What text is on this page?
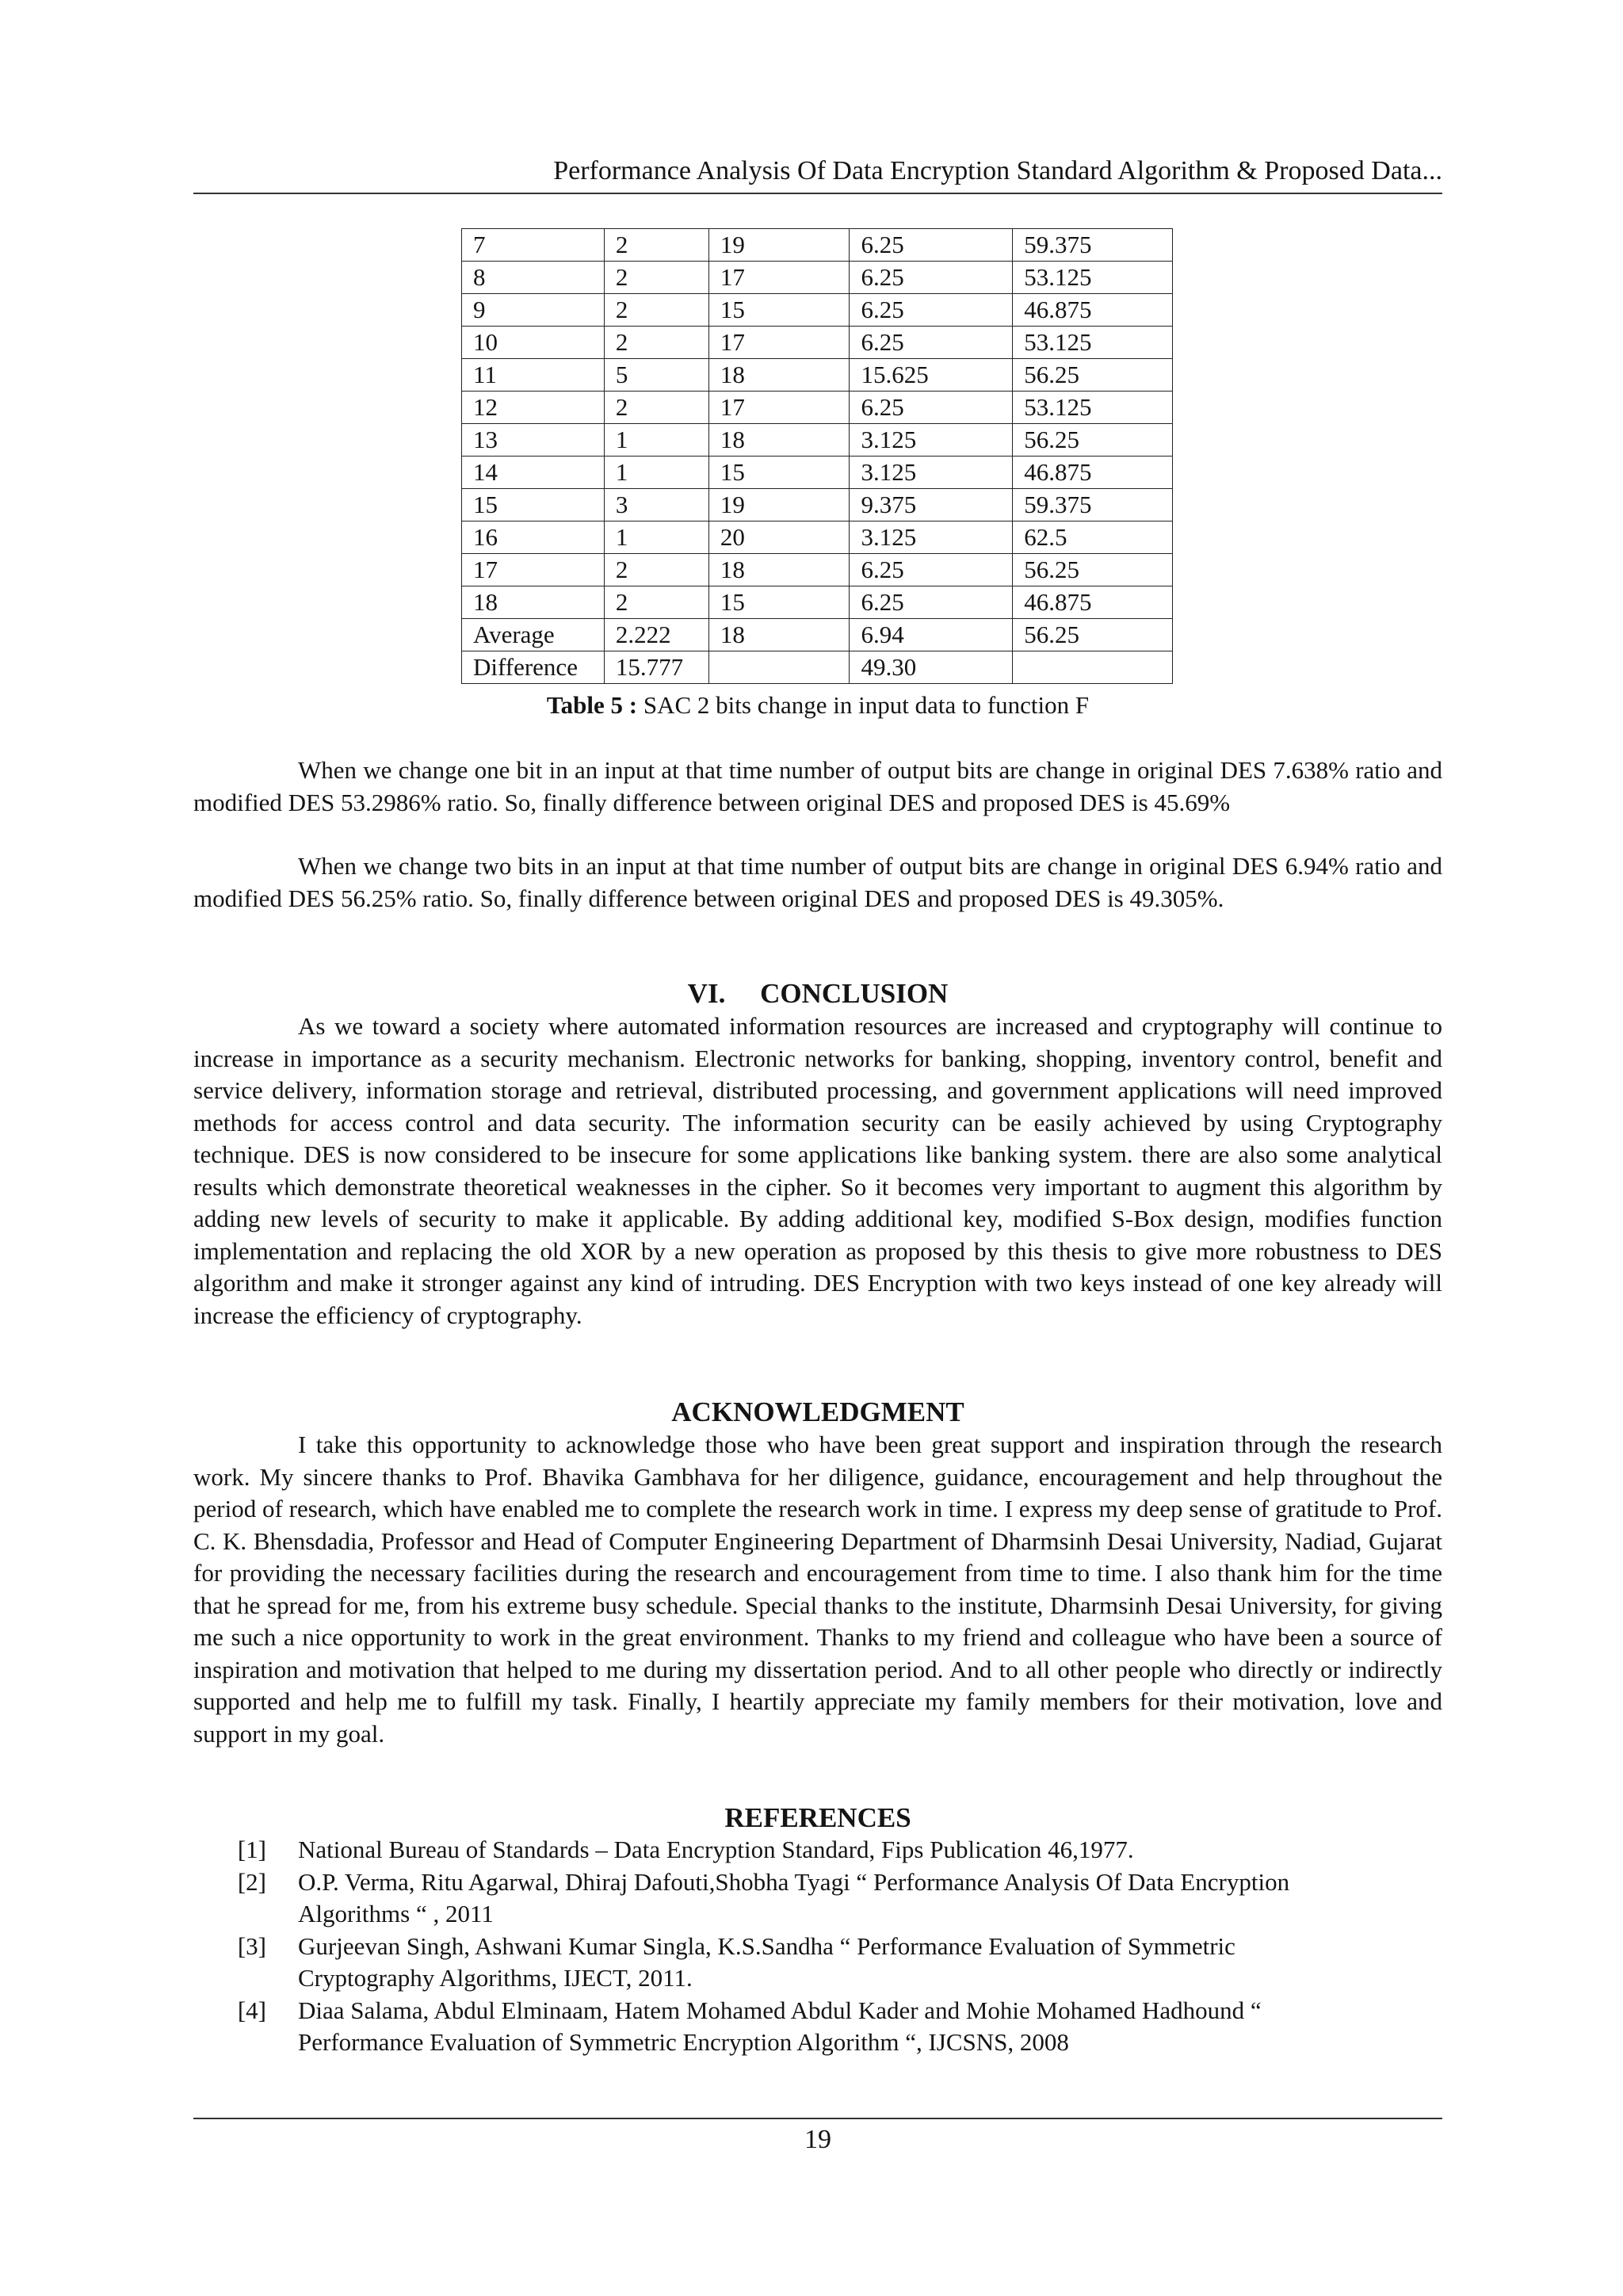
Performance Analysis Of Data Encryption Standard Algorithm & Proposed Data...
7	2	19	6.25	59.375
8	2	17	6.25	53.125
9	2	15	6.25	46.875
10	2	17	6.25	53.125
11	5	18	15.625	56.25
12	2	17	6.25	53.125
13	1	18	3.125	56.25
14	1	15	3.125	46.875
15	3	19	9.375	59.375
16	1	20	3.125	62.5
17	2	18	6.25	56.25
18	2	15	6.25	46.875
Average	2.222	18	6.94	56.25
Difference	15.777		49.30	
Table 5 : SAC 2 bits change in input data to function F

When we change one bit in an input at that time number of output bits are change in original DES 7.638% ratio and modified DES 53.2986% ratio. So, finally difference between original DES and proposed DES is 45.69%

When we change two bits in an input at that time number of output bits are change in original DES 6.94% ratio and modified DES 56.25% ratio. So, finally difference between original DES and proposed DES is 49.305%.

VI.     CONCLUSION

As we toward a society where automated information resources are increased and cryptography will continue to increase in importance as a security mechanism. Electronic networks for banking, shopping, inventory control, benefit and service delivery, information storage and retrieval, distributed processing, and government applications will need improved methods for access control and data security. The information security can be easily achieved by using Cryptography technique. DES is now considered to be insecure for some applications like banking system. there are also some analytical results which demonstrate theoretical weaknesses in the cipher. So it becomes very important to augment this algorithm by adding new levels of security to make it applicable. By adding additional key, modified S-Box design, modifies function implementation and replacing the old XOR by a new operation as proposed by this thesis to give more robustness to DES algorithm and make it stronger against any kind of intruding. DES Encryption with two keys instead of one key already will increase the efficiency of cryptography.

ACKNOWLEDGMENT

I take this opportunity to acknowledge those who have been great support and inspiration through the research work. My sincere thanks to Prof. Bhavika Gambhava for her diligence, guidance, encouragement and help throughout the period of research, which have enabled me to complete the research work in time. I express my deep sense of gratitude to Prof. C. K. Bhensdadia, Professor and Head of Computer Engineering Department of Dharmsinh Desai University, Nadiad, Gujarat for providing the necessary facilities during the research and encouragement from time to time. I also thank him for the time that he spread for me, from his extreme busy schedule. Special thanks to the institute, Dharmsinh Desai University, for giving me such a nice opportunity to work in the great environment. Thanks to my friend and colleague who have been a source of inspiration and motivation that helped to me during my dissertation period. And to all other people who directly or indirectly supported and help me to fulfill my task. Finally, I heartily appreciate my family members for their motivation, love and support in my goal.

REFERENCES
[1]	National Bureau of Standards – Data Encryption Standard, Fips Publication 46,1977.
[2]	O.P. Verma, Ritu Agarwal, Dhiraj Dafouti,Shobha Tyagi “ Performance Analysis Of Data Encryption Algorithms “ , 2011
[3]	Gurjeevan Singh, Ashwani Kumar Singla, K.S.Sandha “ Performance Evaluation of Symmetric Cryptography Algorithms, IJECT, 2011.
[4]	Diaa Salama, Abdul Elminaam, Hatem Mohamed Abdul Kader and Mohie Mohamed Hadhound “ Performance Evaluation of Symmetric Encryption Algorithm “, IJCSNS, 2008
19
